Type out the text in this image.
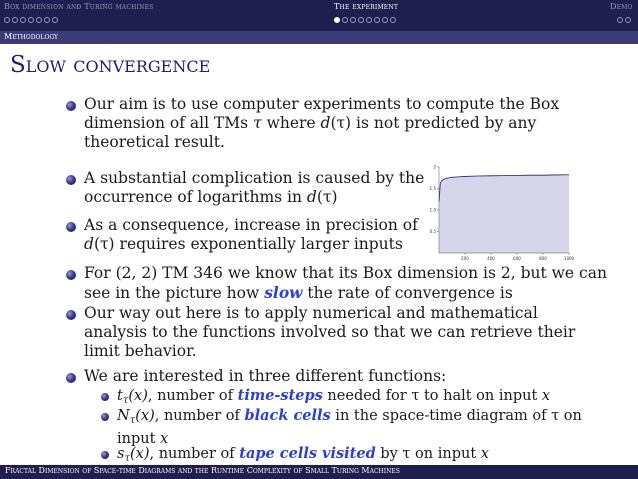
Box dimension and Turing machines	The experiment	Demo
Methodology
Slow convergence
Our aim is to use computer experiments to compute the Box
dimension of all TMs τ where d(τ) is not predicted by any
theoretical result.
A substantial complication is caused by the
occurrence of logarithms in d(τ)
As a consequence, increase in precision of
d(τ) requires exponentially larger inputs
200	400	600	800	1000
0.5
1.0
1.5
2
For (2, 2) TM 346 we know that its Box dimension is 2, but we can
see in the picture how slow the rate of convergence is
Our way out here is to apply numerical and mathematical
analysis to the functions involved so that we can retrieve their
limit behavior.
We are interested in three different functions:
$t_\tau(x)$, number of time-steps needed for τ to halt on input x
$N_\tau(x)$, number of black cells in the space-time diagram of τ on
input x
$s_\tau(x)$, number of tape cells visited by τ on input x
Fractal Dimension of Space-time Diagrams and the Runtime Complexity of Small Turing Machines
